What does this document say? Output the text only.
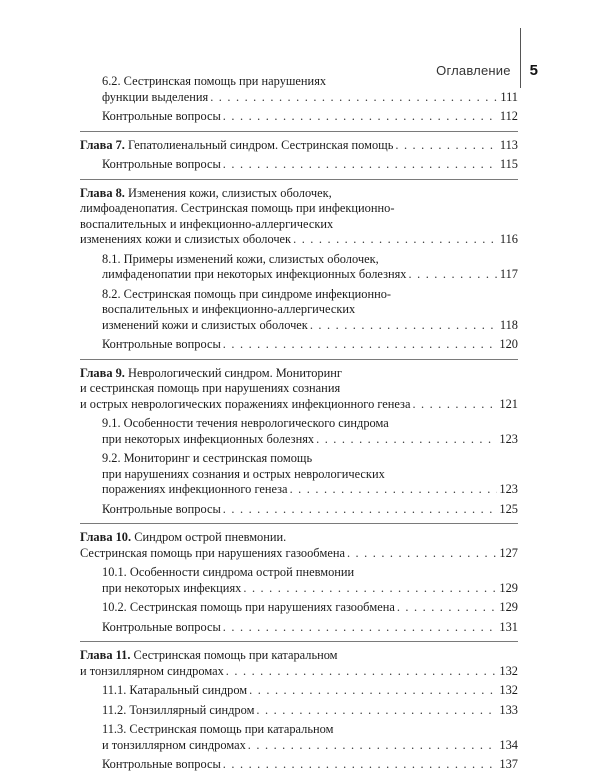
Оглавление 5
6.2. Сестринская помощь при нарушениях
функции выделения . . .	111
Контрольные вопросы . . .	112
Глава 7. Гепатолиенальный синдром. Сестринская помощь . . .	113
Контрольные вопросы . . .	115
Глава 8. Изменения кожи, слизистых оболочек,
лимфоаденопатия. Сестринская помощь при инфекционно-
воспалительных и инфекционно-аллергических
изменениях кожи и слизистых оболочек . . .	116
8.1. Примеры изменений кожи, слизистых оболочек,
лимфаденопатии при некоторых инфекционных болезнях . . .	117
8.2. Сестринская помощь при синдроме инфекционно-
воспалительных и инфекционно-аллергических
изменений кожи и слизистых оболочек . . .	118
Контрольные вопросы . . .	120
Глава 9. Неврологический синдром. Мониторинг
и сестринская помощь при нарушениях сознания
и острых неврологических поражениях инфекционного генеза . . .	121
9.1. Особенности течения неврологического синдрома
при некоторых инфекционных болезнях . . .	123
9.2. Мониторинг и сестринская помощь
при нарушениях сознания и острых неврологических
поражениях инфекционного генеза . . .	123
Контрольные вопросы . . .	125
Глава 10. Синдром острой пневмонии.
Сестринская помощь при нарушениях газообмена . . .	127
10.1. Особенности синдрома острой пневмонии
при некоторых инфекциях . . .	129
10.2. Сестринская помощь при нарушениях газообмена . . .	129
Контрольные вопросы . . .	131
Глава 11. Сестринская помощь при катаральном
и тонзиллярном синдромах . . .	132
11.1. Катаральный синдром . . .	132
11.2. Тонзиллярный синдром . . .	133
11.3. Сестринская помощь при катаральном
и тонзиллярном синдромах . . .	134
Контрольные вопросы . . .	137
